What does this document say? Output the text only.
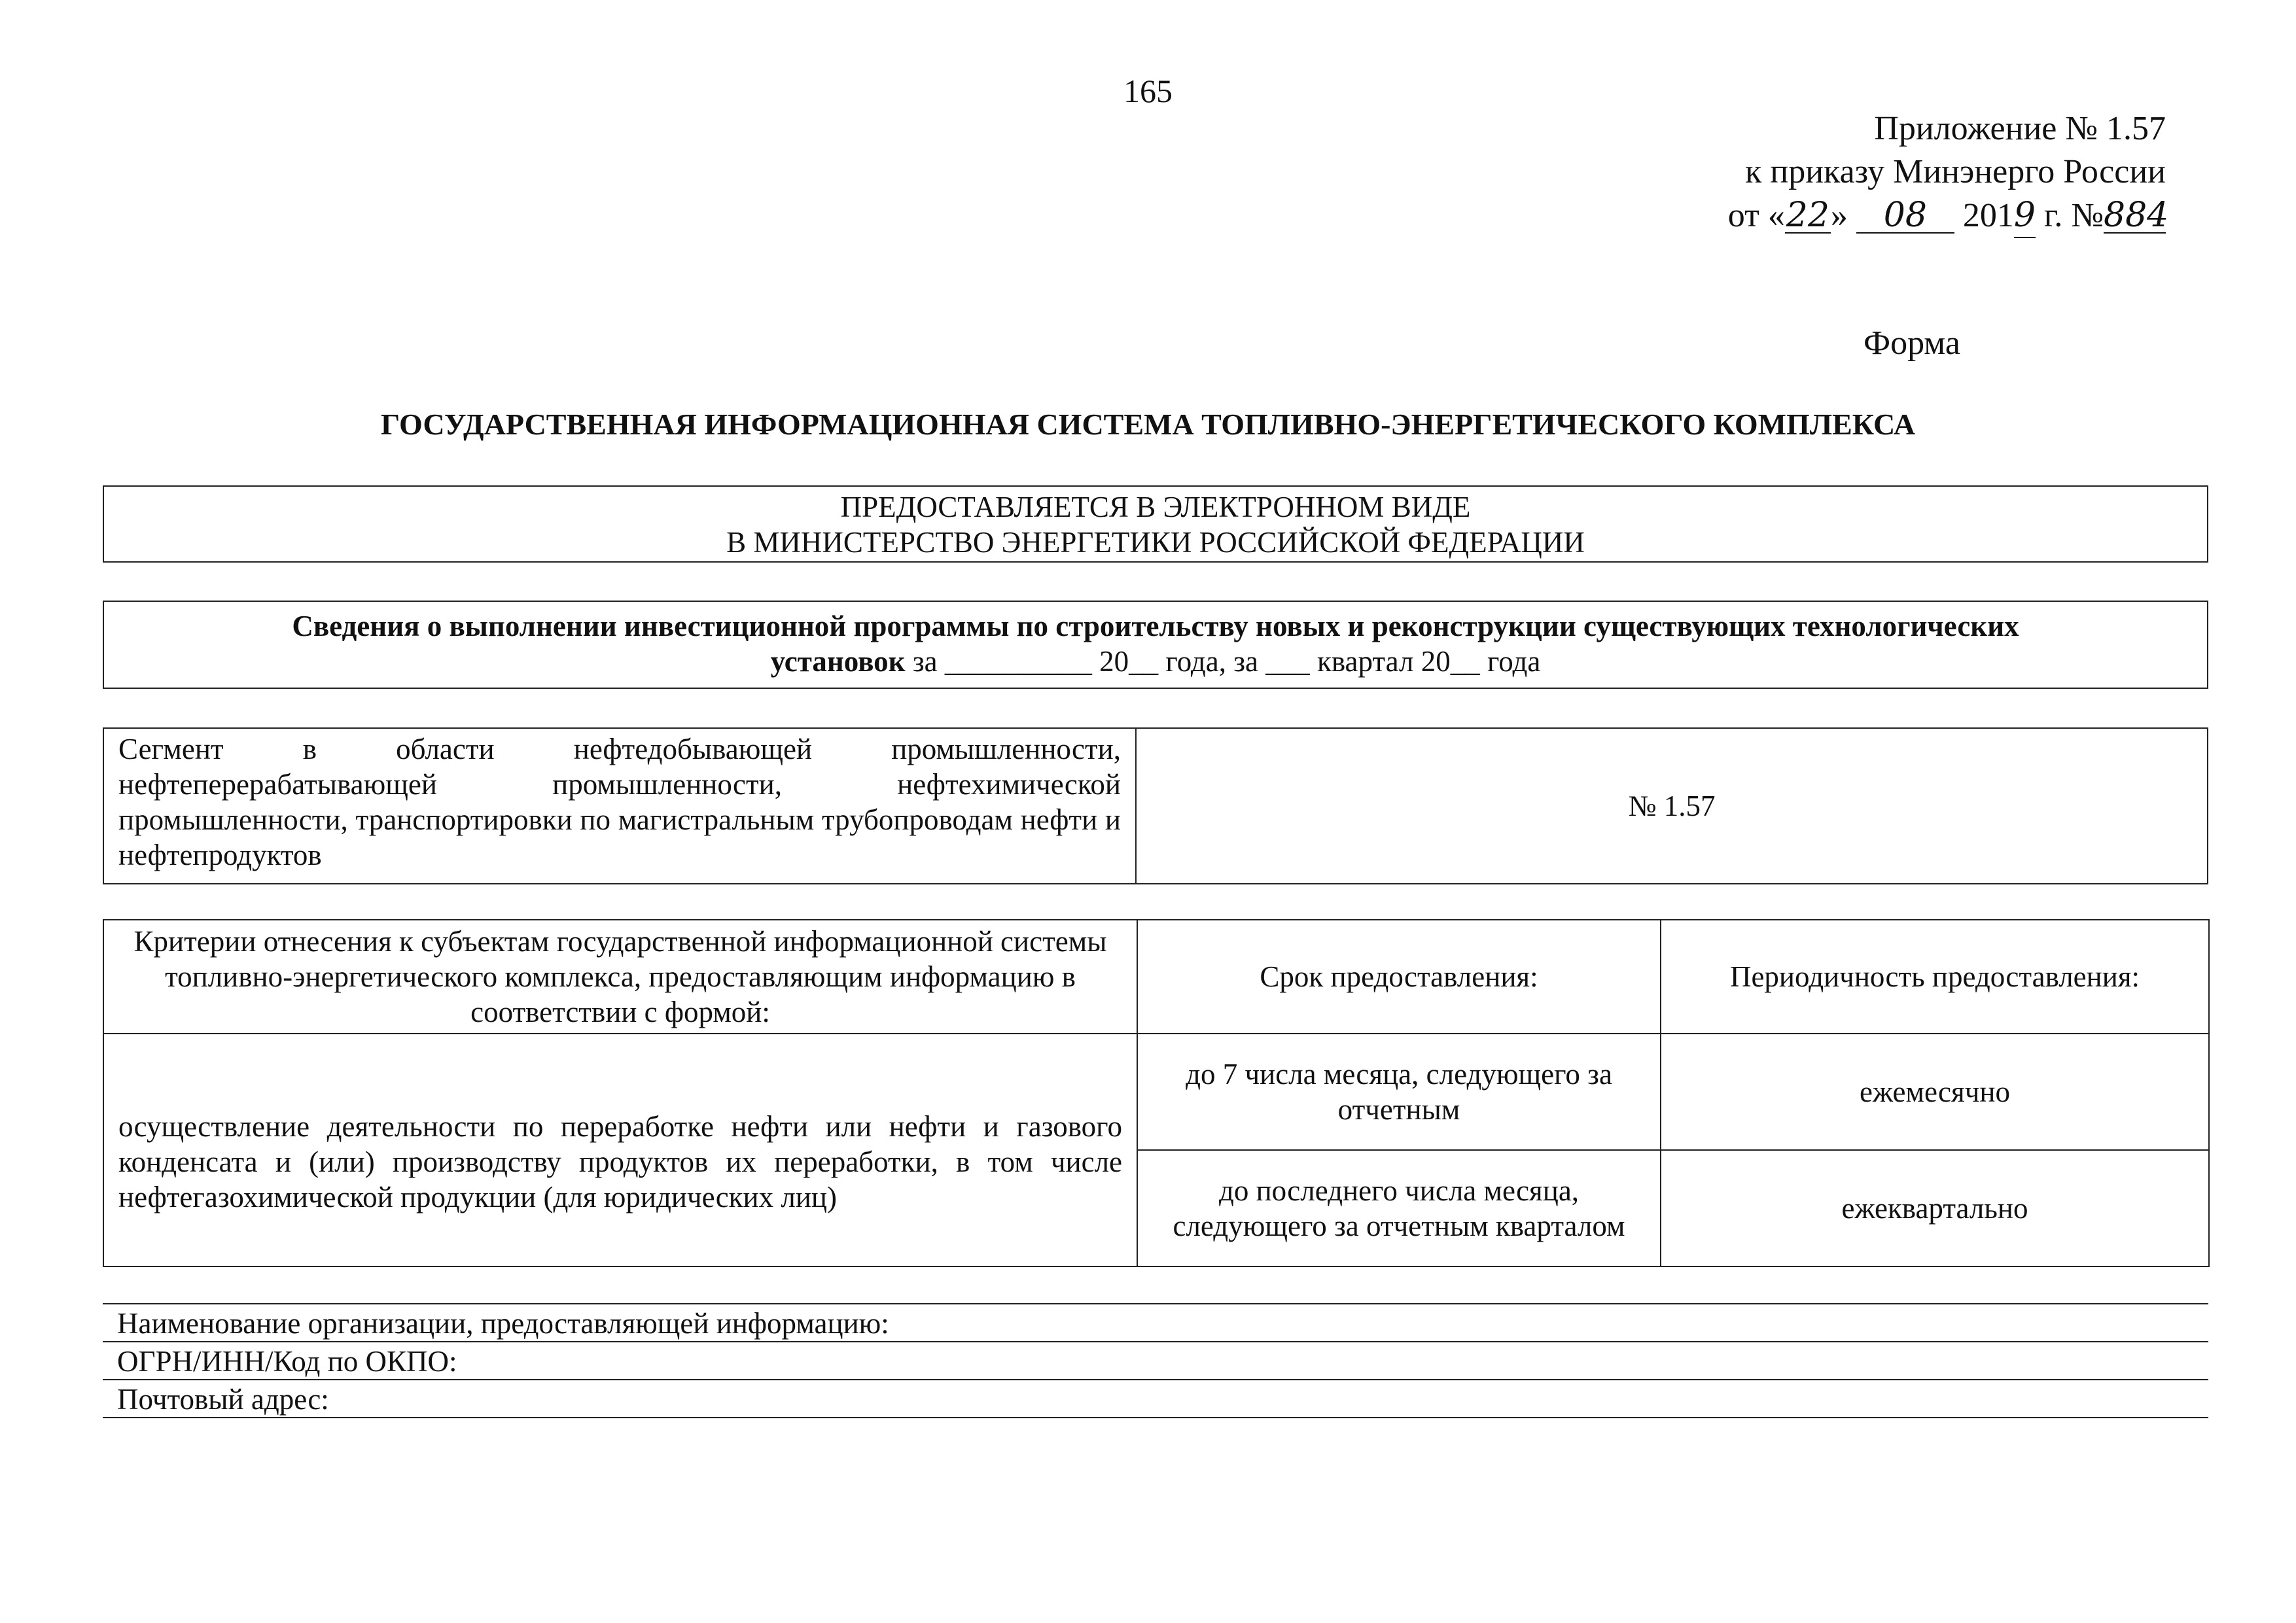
165
Приложение № 1.57
к приказу Минэнерго России
от «22» 08 2019 г. №884
Форма
ГОСУДАРСТВЕННАЯ ИНФОРМАЦИОННАЯ СИСТЕМА ТОПЛИВНО-ЭНЕРГЕТИЧЕСКОГО КОМПЛЕКСА
ПРЕДОСТАВЛЯЕТСЯ В ЭЛЕКТРОННОМ ВИДЕ
В МИНИСТЕРСТВО ЭНЕРГЕТИКИ РОССИЙСКОЙ ФЕДЕРАЦИИ
Сведения о выполнении инвестиционной программы по строительству новых и реконструкции существующих технологических
установок за __________ 20__ года, за ___ квартал 20__ года
Сегмент в области нефтедобывающей промышленности, нефтеперерабатывающей промышленности, нефтехимической промышленности, транспортировки по магистральным трубопроводам нефти и нефтепродуктов	№ 1.57
Критерии отнесения к субъектам государственной информационной системы топливно-энергетического комплекса, предоставляющим информацию в соответствии с формой:	Срок предоставления:	Периодичность предоставления:
осуществление деятельности по переработке нефти или нефти и газового конденсата и (или) производству продуктов их переработки, в том числе нефтегазохимической продукции (для юридических лиц)	до 7 числа месяца, следующего за отчетным	ежемесячно
	до последнего числа месяца, следующего за отчетным кварталом	ежеквартально
Наименование организации, предоставляющей информацию:
ОГРН/ИНН/Код по ОКПО:
Почтовый адрес:
